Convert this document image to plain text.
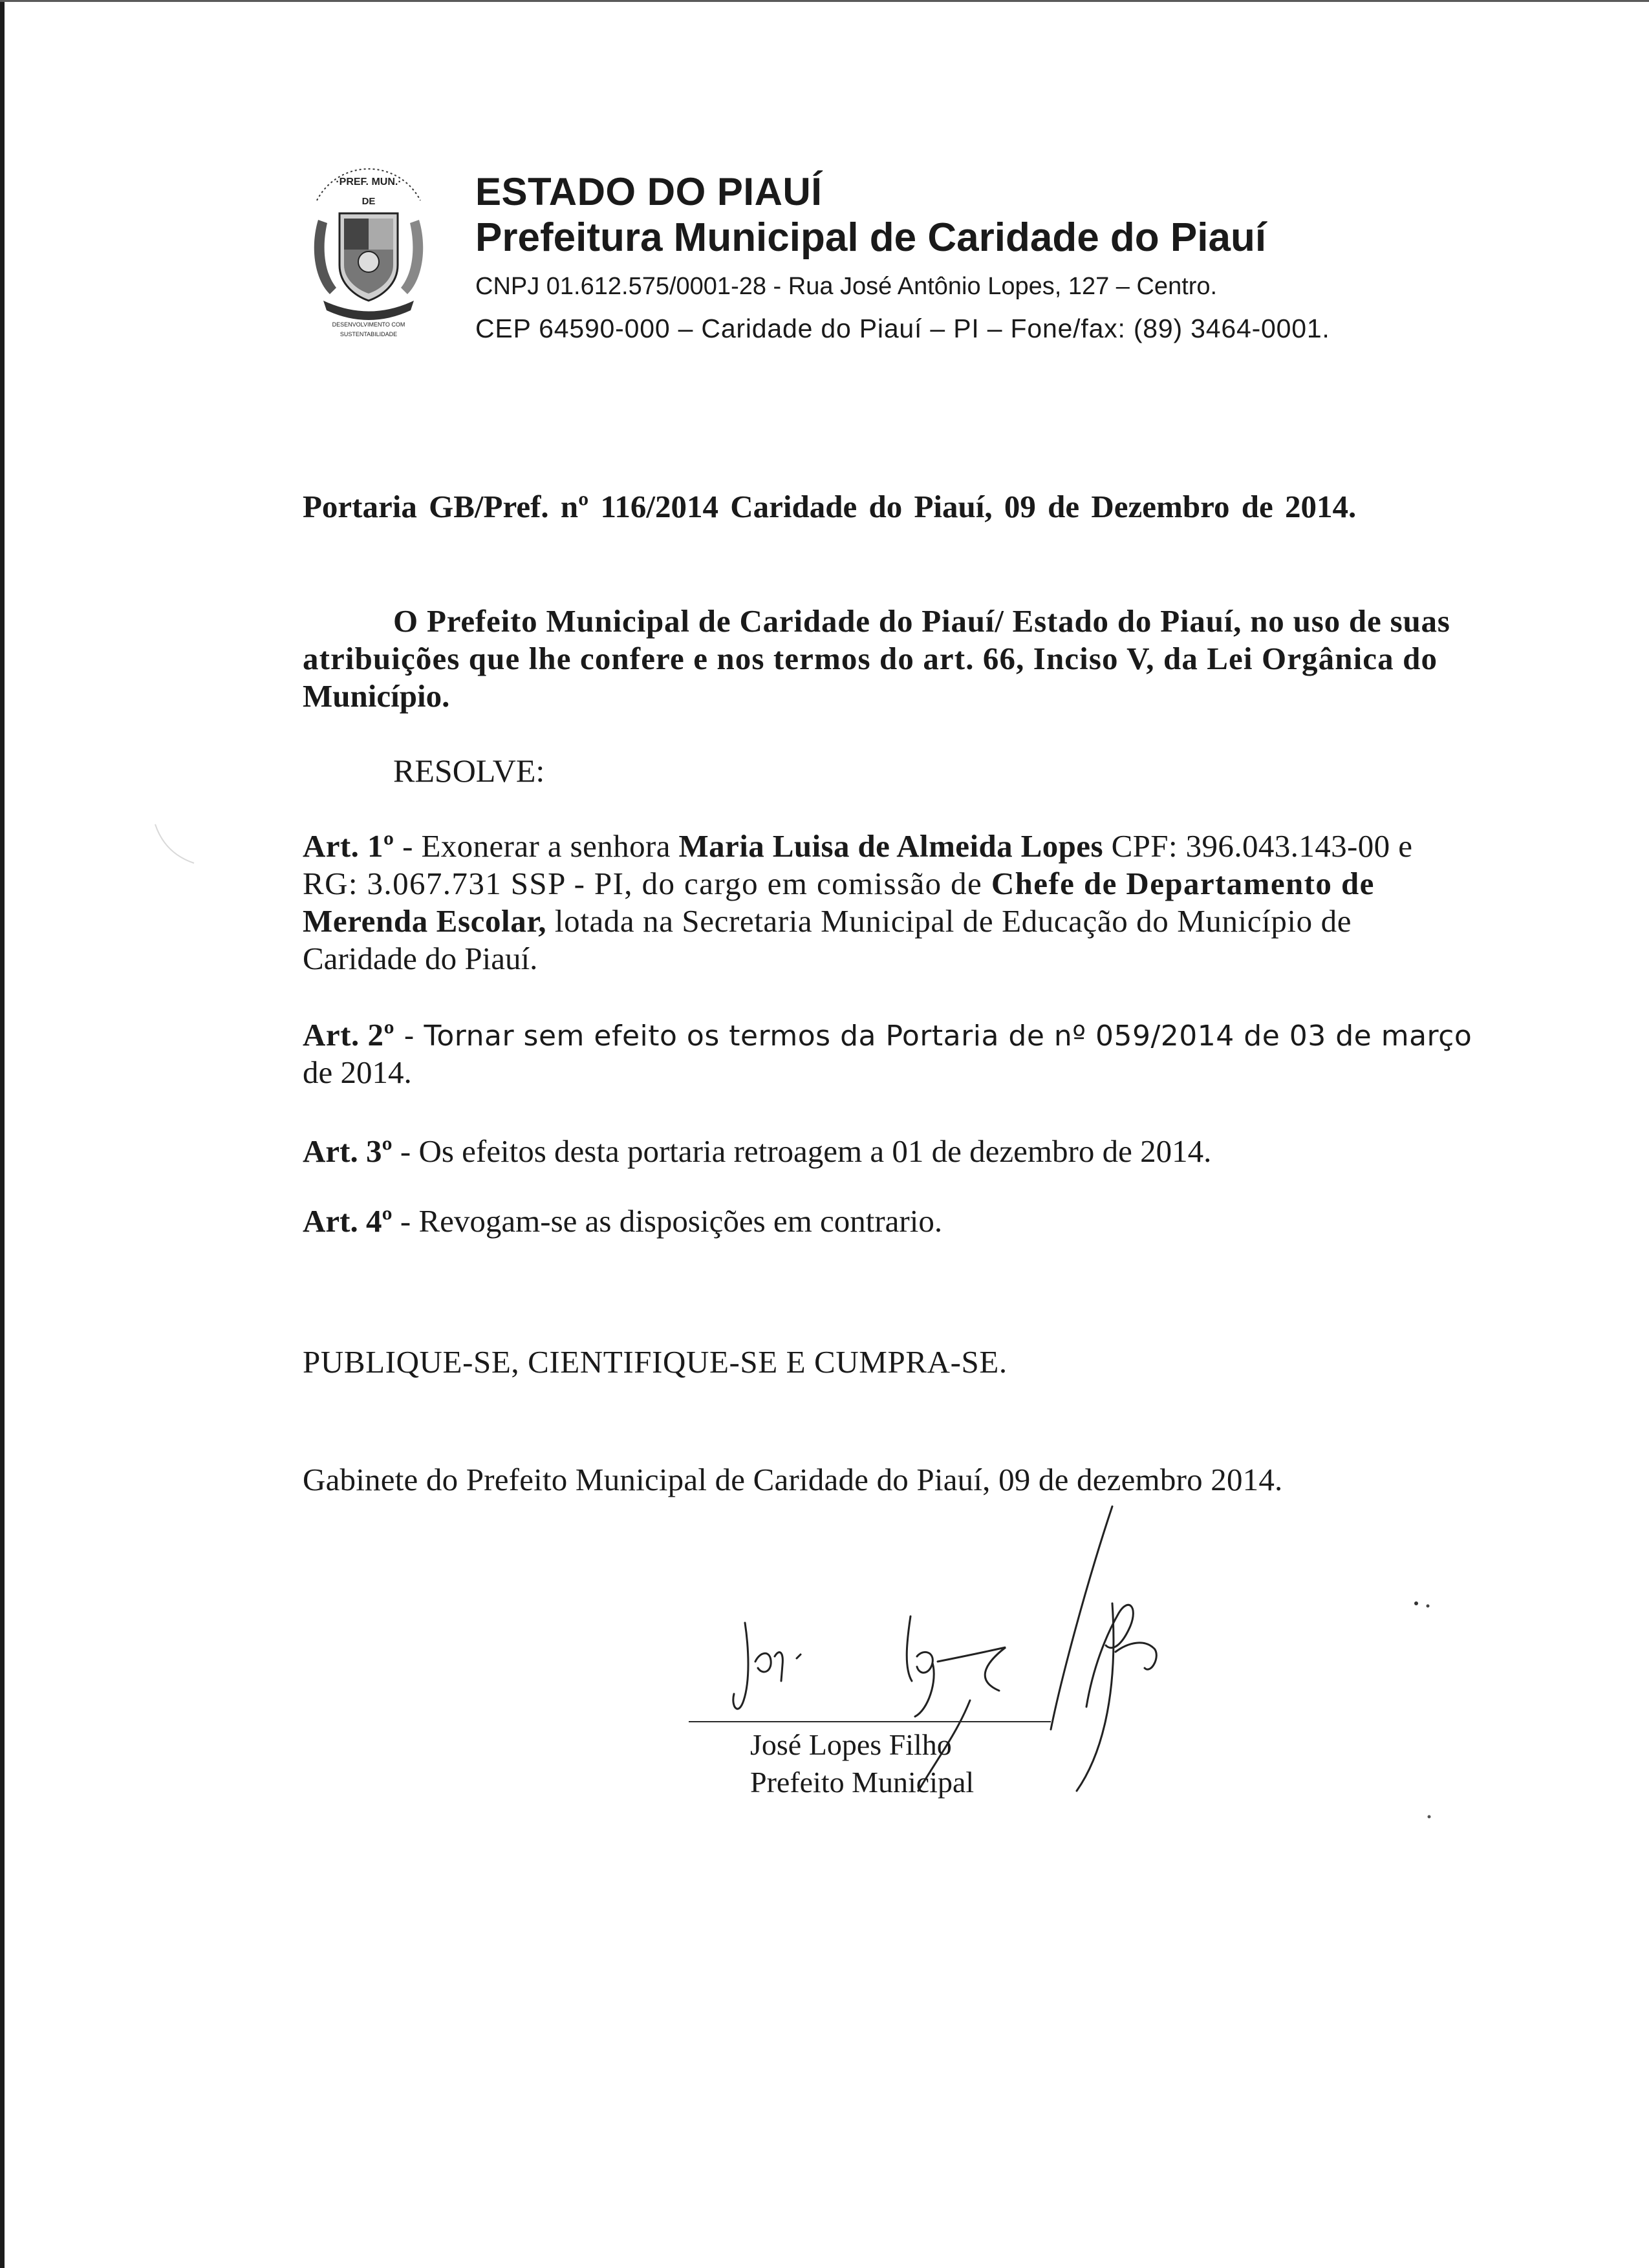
·PREF. MUN.·
DE
DESENVOLVIMENTO COM
SUSTENTABILIDADE
ESTADO DO PIAUÍ
Prefeitura Municipal de Caridade do Piauí
CNPJ 01.612.575/0001-28 - Rua José Antônio Lopes, 127 – Centro.
CEP 64590-000 – Caridade do Piauí – PI – Fone/fax: (89) 3464-0001.
Portaria GB/Pref. nº 116/2014 Caridade do Piauí, 09 de Dezembro de 2014.
O Prefeito Municipal de Caridade do Piauí/ Estado do Piauí, no uso de suas
atribuições que lhe confere e nos termos do art. 66, Inciso V, da Lei Orgânica do
Município.
RESOLVE:
Art. 1º - Exonerar a senhora Maria Luisa de Almeida Lopes CPF: 396.043.143-00 e
RG: 3.067.731 SSP - PI, do cargo em comissão de Chefe de Departamento de
Merenda Escolar, lotada na Secretaria Municipal de Educação do Município de
Caridade do Piauí.
Art. 2º - Tornar sem efeito os termos da Portaria de nº 059/2014 de 03 de março
de 2014.
Art. 3º - Os efeitos desta portaria retroagem a 01 de dezembro de 2014.
Art. 4º - Revogam-se as disposições em contrario.
PUBLIQUE-SE, CIENTIFIQUE-SE E CUMPRA-SE.
Gabinete do Prefeito Municipal de Caridade do Piauí, 09 de dezembro 2014.
José Lopes Filho
Prefeito Municipal
